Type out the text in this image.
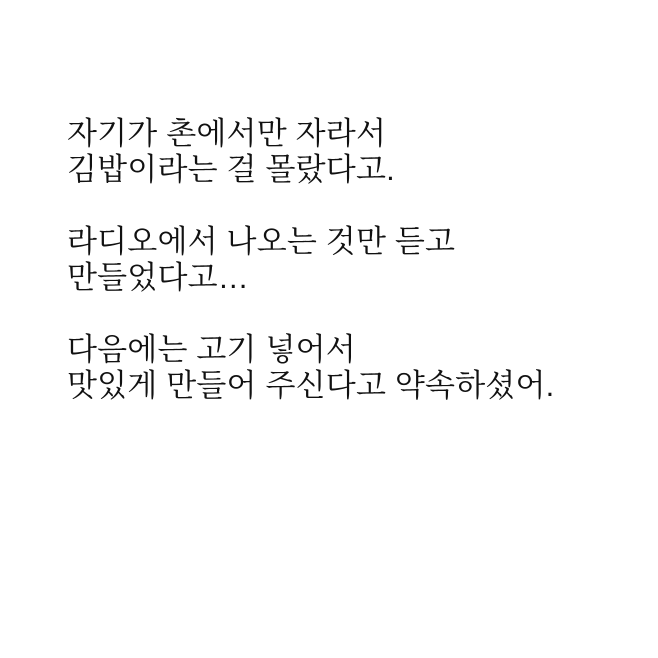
자기가 촌에서만 자라서
김밥이라는 걸 몰랐다고.

라디오에서 나오는 것만 듣고
만들었다고…

다음에는 고기 넣어서
맛있게 만들어 주신다고 약속하셨어.
